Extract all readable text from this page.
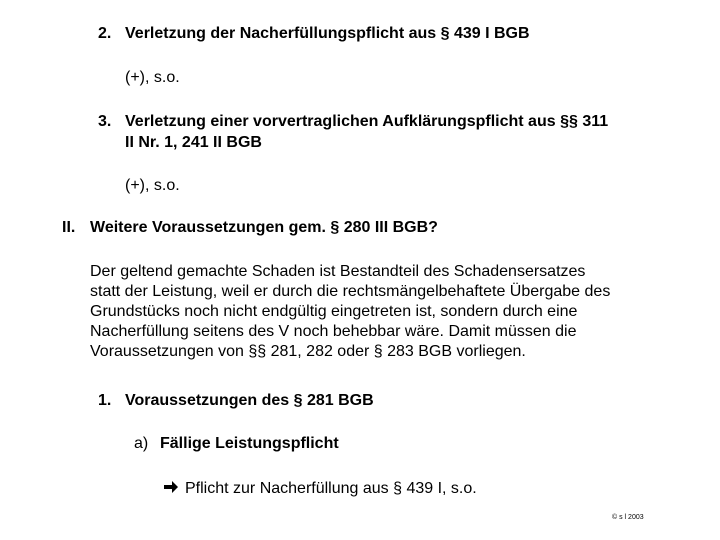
2. Verletzung der Nacherfüllungspflicht aus § 439 I BGB
(+), s.o.
3. Verletzung einer vorvertraglichen Aufklärungspflicht aus §§ 311
II Nr. 1, 241 II BGB
(+), s.o.
II. Weitere Voraussetzungen gem. § 280 III BGB?
Der geltend gemachte Schaden ist Bestandteil des Schadensersatzes
statt der Leistung, weil er durch die rechtsmängelbehaftete Übergabe des
Grundstücks noch nicht endgültig eingetreten ist, sondern durch eine
Nacherfüllung seitens des V noch behebbar wäre. Damit müssen die
Voraussetzungen von §§ 281, 282 oder § 283 BGB vorliegen.
1. Voraussetzungen des § 281 BGB
a) Fällige Leistungspflicht
Pflicht zur Nacherfüllung aus § 439 I, s.o.
© s l 2003
